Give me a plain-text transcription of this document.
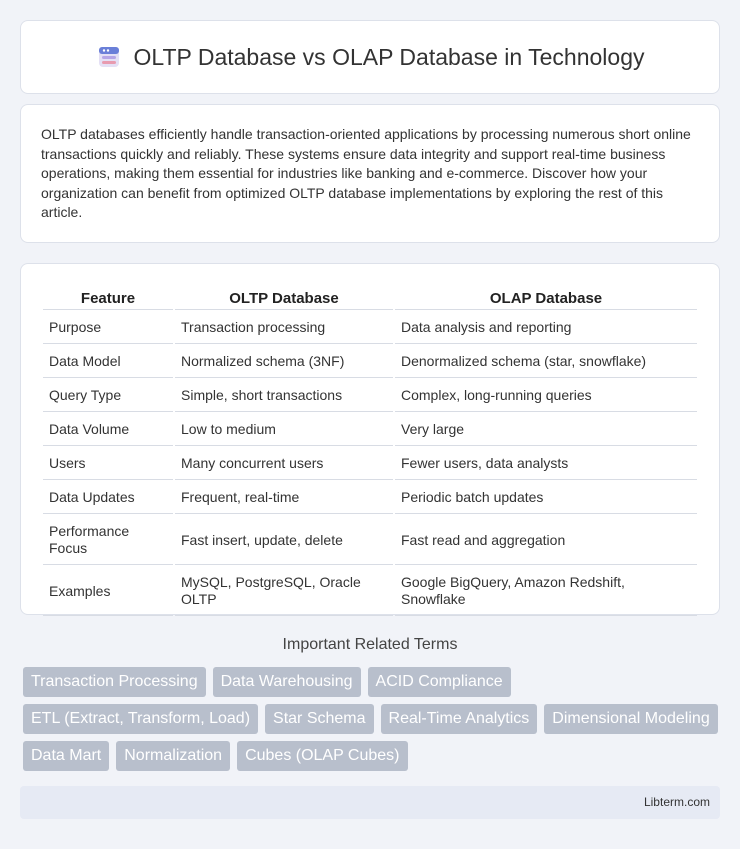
OLTP Database vs OLAP Database in Technology

OLTP databases efficiently handle transaction-oriented applications by processing numerous short online transactions quickly and reliably. These systems ensure data integrity and support real-time business operations, making them essential for industries like banking and e-commerce. Discover how your organization can benefit from optimized OLTP database implementations by exploring the rest of this article.

Feature	OLTP Database	OLAP Database
Purpose	Transaction processing	Data analysis and reporting
Data Model	Normalized schema (3NF)	Denormalized schema (star, snowflake)
Query Type	Simple, short transactions	Complex, long-running queries
Data Volume	Low to medium	Very large
Users	Many concurrent users	Fewer users, data analysts
Data Updates	Frequent, real-time	Periodic batch updates
Performance Focus	Fast insert, update, delete	Fast read and aggregation
Examples	MySQL, PostgreSQL, Oracle OLTP	Google BigQuery, Amazon Redshift, Snowflake
Important Related Terms
Transaction Processing	Data Warehousing	ACID Compliance
ETL (Extract, Transform, Load)	Star Schema	Real-Time Analytics	Dimensional Modeling
Data Mart	Normalization	Cubes (OLAP Cubes)
Libterm.com
